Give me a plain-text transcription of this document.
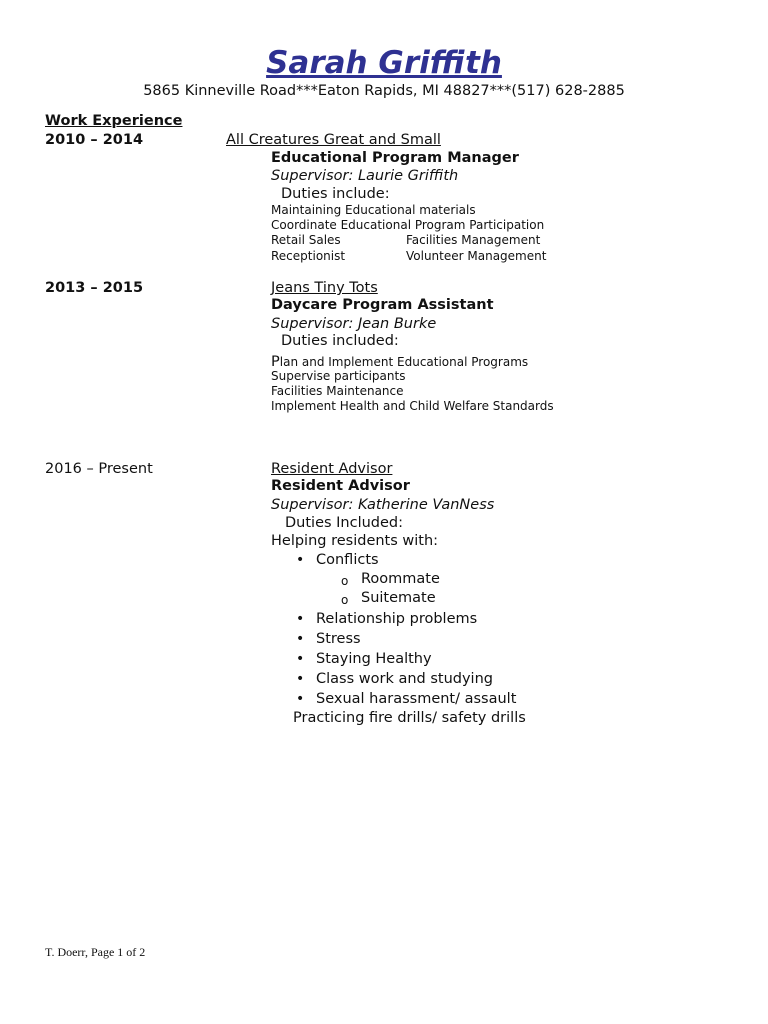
Sarah Griffith
5865 Kinneville Road***Eaton Rapids, MI 48827***(517) 628-2885
Work Experience
2010 – 2014	All Creatures Great and Small
Educational Program Manager
Supervisor: Laurie Griffith
Duties include:
Maintaining Educational materials
Coordinate Educational Program Participation
Retail Sales	Facilities Management
Receptionist	Volunteer Management
2013 – 2015	Jeans Tiny Tots
Daycare Program Assistant
Supervisor: Jean Burke
Duties included:
Plan and Implement Educational Programs
Supervise participants
Facilities Maintenance
Implement Health and Child Welfare Standards
2016 – Present	Resident Advisor
Resident Advisor
Supervisor: Katherine VanNess
Duties Included:
Helping residents with:
• Conflicts
o Roommate
o Suitemate
• Relationship problems
• Stress
• Staying Healthy
• Class work and studying
• Sexual harassment/ assault
Practicing fire drills/ safety drills
T. Doerr, Page 1 of 2
